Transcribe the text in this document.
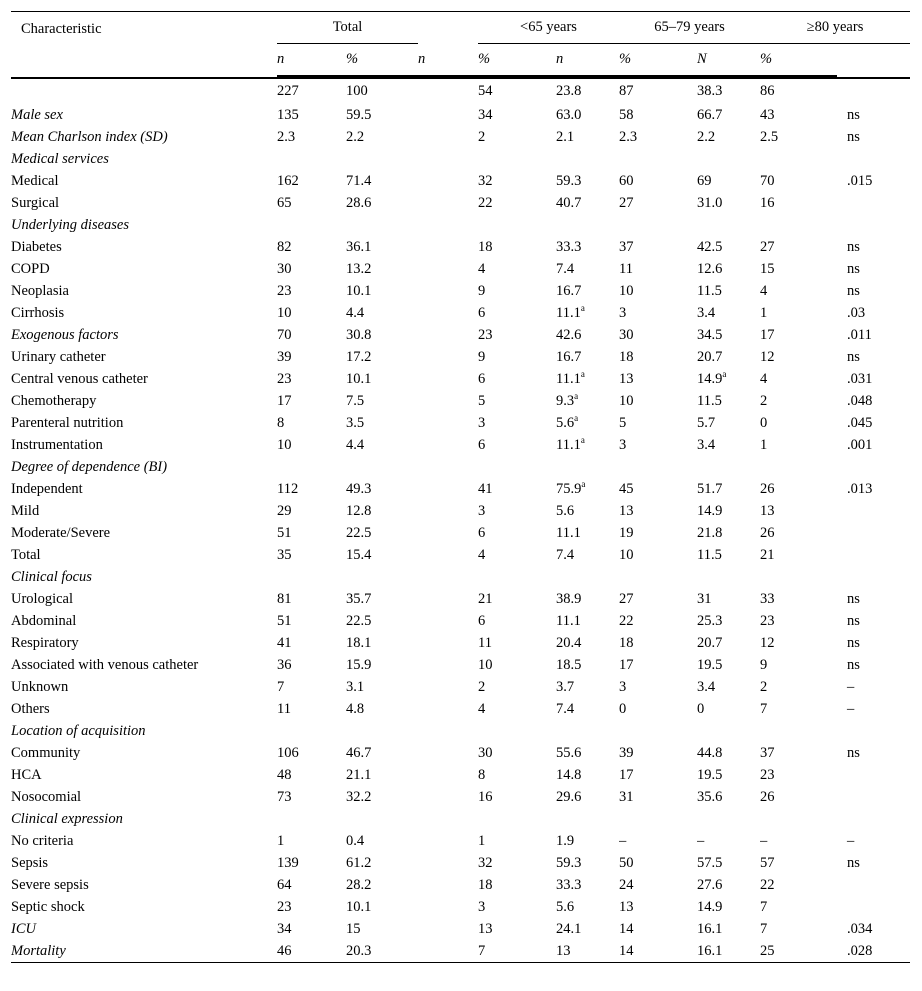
Characteristic	Total			<65 years		65–79 years		≥80 years	
	n	%	n	%	n	%	N	%		

	227	100		54	23.8	87	38.3	86		
Male sex	135	59.5		34	63.0	58	66.7	43	ns	
Mean Charlson index (SD)	2.3	2.2		2	2.1	2.3	2.2	2.5	ns	
Medical services										
Medical	162	71.4		32	59.3	60	69	70	.015	
Surgical	65	28.6		22	40.7	27	31.0	16		
Underlying diseases										
Diabetes	82	36.1		18	33.3	37	42.5	27	ns	
COPD	30	13.2		4	7.4	11	12.6	15	ns	
Neoplasia	23	10.1		9	16.7	10	11.5	4	ns	
Cirrhosis	10	4.4		6	11.1$^a$	3	3.4	1	.03	
Exogenous factors	70	30.8		23	42.6	30	34.5	17	.011	
Urinary catheter	39	17.2		9	16.7	18	20.7	12	ns	
Central venous catheter	23	10.1		6	11.1$^a$	13	14.9$^a$	4	.031	
Chemotherapy	17	7.5		5	9.3$^a$	10	11.5	2	.048	
Parenteral nutrition	8	3.5		3	5.6$^a$	5	5.7	0	.045	
Instrumentation	10	4.4		6	11.1$^a$	3	3.4	1	.001	
Degree of dependence (BI)										
Independent	112	49.3		41	75.9$^a$	45	51.7	26	.013	
Mild	29	12.8		3	5.6	13	14.9	13		
Moderate/Severe	51	22.5		6	11.1	19	21.8	26		
Total	35	15.4		4	7.4	10	11.5	21		
Clinical focus										
Urological	81	35.7		21	38.9	27	31	33	ns	
Abdominal	51	22.5		6	11.1	22	25.3	23	ns	
Respiratory	41	18.1		11	20.4	18	20.7	12	ns	
Associated with venous catheter	36	15.9		10	18.5	17	19.5	9	ns	
Unknown	7	3.1		2	3.7	3	3.4	2	–	
Others	11	4.8		4	7.4	0	0	7	–	
Location of acquisition										
Community	106	46.7		30	55.6	39	44.8	37	ns	
HCA	48	21.1		8	14.8	17	19.5	23		
Nosocomial	73	32.2		16	29.6	31	35.6	26		
Clinical expression										
No criteria	1	0.4		1	1.9	–	–	–	–	
Sepsis	139	61.2		32	59.3	50	57.5	57	ns	
Severe sepsis	64	28.2		18	33.3	24	27.6	22		
Septic shock	23	10.1		3	5.6	13	14.9	7		
ICU	34	15		13	24.1	14	16.1	7	.034	
Mortality	46	20.3		7	13	14	16.1	25	.028	
